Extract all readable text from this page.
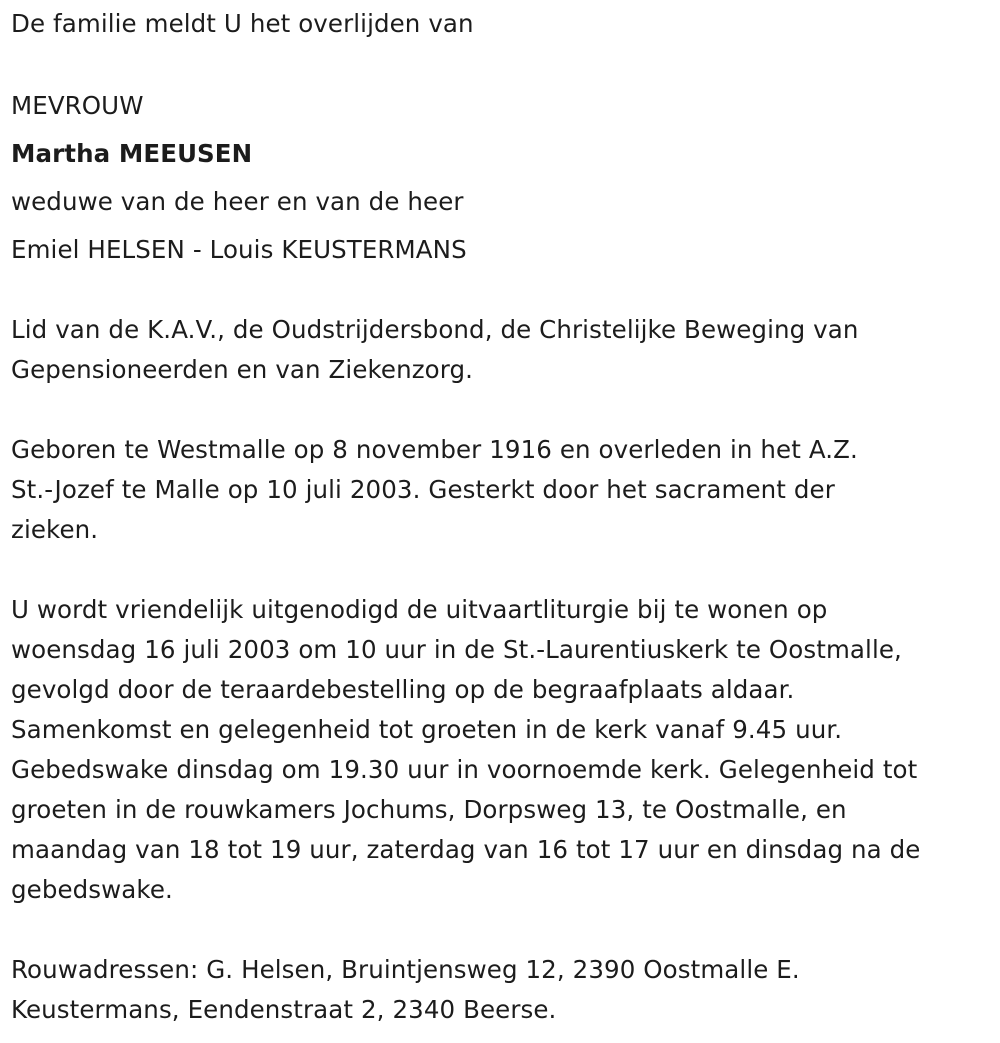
De familie meldt U het overlijden van
MEVROUW
Martha MEEUSEN
weduwe van de heer en van de heer
Emiel HELSEN - Louis KEUSTERMANS
Lid van de K.A.V., de Oudstrijdersbond, de Christelijke Beweging van
Gepensioneerden en van Ziekenzorg.
Geboren te Westmalle op 8 november 1916 en overleden in het A.Z.
St.-Jozef te Malle op 10 juli 2003. Gesterkt door het sacrament der
zieken.
U wordt vriendelijk uitgenodigd de uitvaartliturgie bij te wonen op
woensdag 16 juli 2003 om 10 uur in de St.-Laurentiuskerk te Oostmalle,
gevolgd door de teraardebestelling op de begraafplaats aldaar.
Samenkomst en gelegenheid tot groeten in de kerk vanaf 9.45 uur.
Gebedswake dinsdag om 19.30 uur in voornoemde kerk. Gelegenheid tot
groeten in de rouwkamers Jochums, Dorpsweg 13, te Oostmalle, en
maandag van 18 tot 19 uur, zaterdag van 16 tot 17 uur en dinsdag na de
gebedswake.
Rouwadressen: G. Helsen, Bruintjensweg 12, 2390 Oostmalle E.
Keustermans, Eendenstraat 2, 2340 Beerse.
